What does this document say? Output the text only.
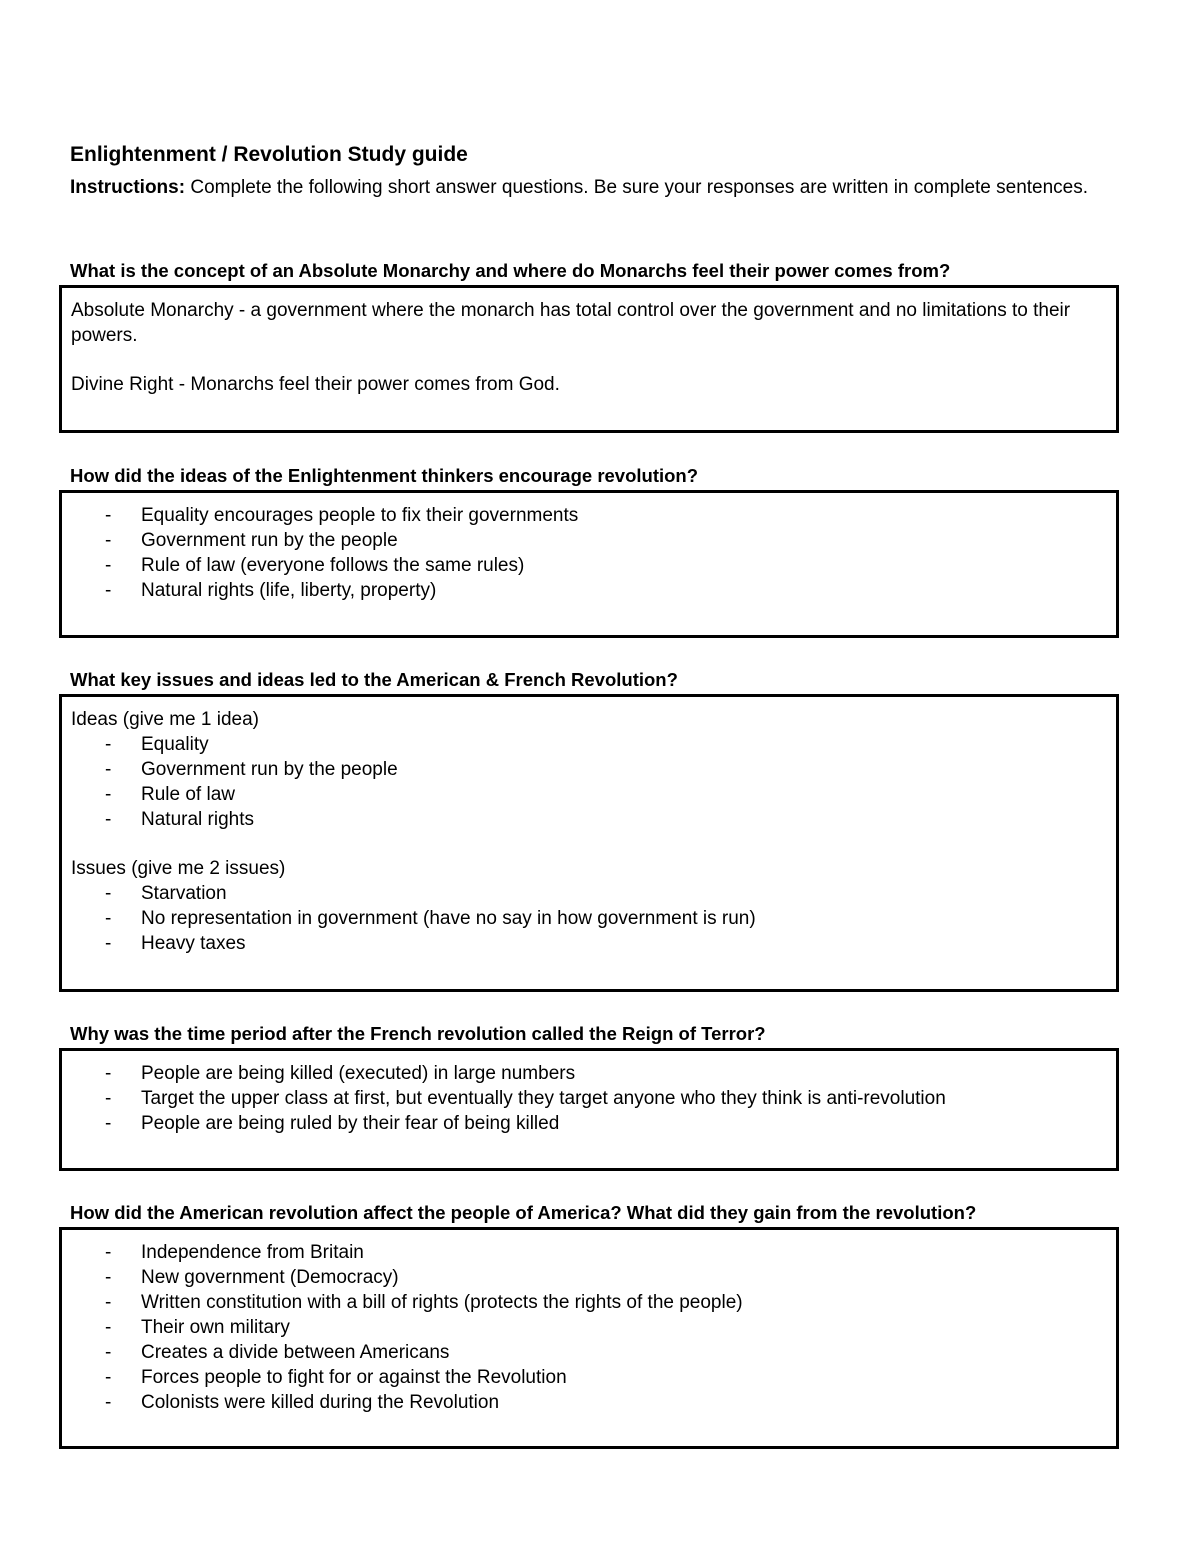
Enlightenment / Revolution Study guide
Instructions: Complete the following short answer questions. Be sure your responses are written in complete sentences.
What is the concept of an Absolute Monarchy and where do Monarchs feel their power comes from?

Absolute Monarchy - a government where the monarch has total control over the government and no limitations to their powers.

Divine Right - Monarchs feel their power comes from God.

How did the ideas of the Enlightenment thinkers encourage revolution?
- Equality encourages people to fix their governments
- Government run by the people
- Rule of law (everyone follows the same rules)
- Natural rights (life, liberty, property)
What key issues and ideas led to the American & French Revolution?

Ideas (give me 1 idea)

- Equality
- Government run by the people
- Rule of law
- Natural rights

Issues (give me 2 issues)

- Starvation
- No representation in government (have no say in how government is run)
- Heavy taxes
Why was the time period after the French revolution called the Reign of Terror?
- People are being killed (executed) in large numbers
- Target the upper class at first, but eventually they target anyone who they think is anti-revolution
- People are being ruled by their fear of being killed
How did the American revolution affect the people of America? What did they gain from the revolution?
- Independence from Britain
- New government (Democracy)
- Written constitution with a bill of rights (protects the rights of the people)
- Their own military
- Creates a divide between Americans
- Forces people to fight for or against the Revolution
- Colonists were killed during the Revolution
